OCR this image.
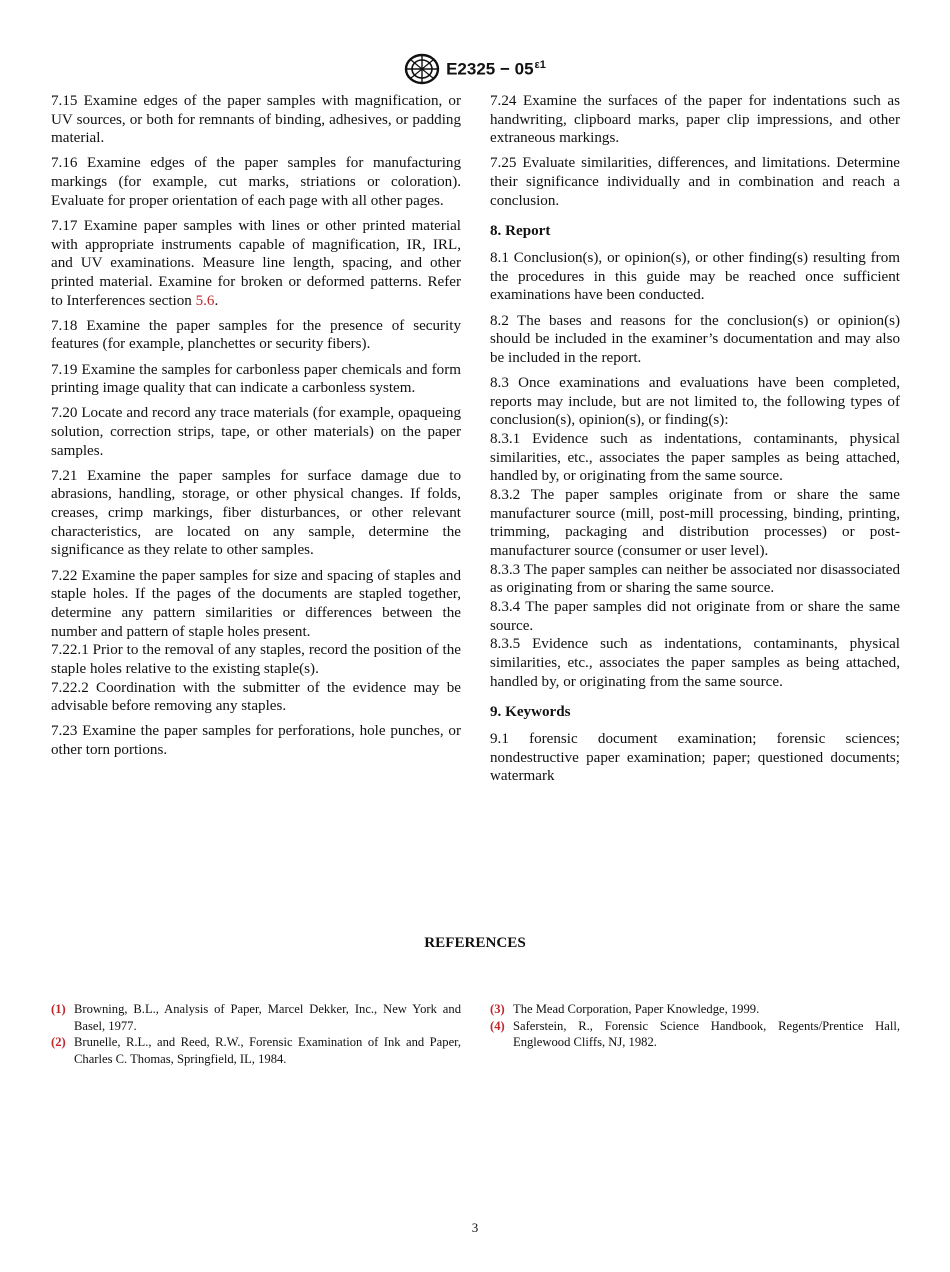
$E2325 - 05^{\varepsilon 1}$

7.15 Examine edges of the paper samples with magnification, or UV sources, or both for remnants of binding, adhesives, or padding material.

7.16 Examine edges of the paper samples for manufacturing markings (for example, cut marks, striations or coloration). Evaluate for proper orientation of each page with all other pages.

7.17 Examine paper samples with lines or other printed material with appropriate instruments capable of magnification, IR, IRL, and UV examinations. Measure line length, spacing, and other printed material. Examine for broken or deformed patterns. Refer to Interferences section 5.6.

7.18 Examine the paper samples for the presence of security features (for example, planchettes or security fibers).

7.19 Examine the samples for carbonless paper chemicals and form printing image quality that can indicate a carbonless system.

7.20 Locate and record any trace materials (for example, opaqueing solution, correction strips, tape, or other materials) on the paper samples.

7.21 Examine the paper samples for surface damage due to abrasions, handling, storage, or other physical changes. If folds, creases, crimp markings, fiber disturbances, or other relevant characteristics, are located on any sample, determine the significance as they relate to other samples.

7.22 Examine the paper samples for size and spacing of staples and staple holes. If the pages of the documents are stapled together, determine any pattern similarities or differences between the number and pattern of staple holes present.

7.22.1 Prior to the removal of any staples, record the position of the staple holes relative to the existing staple(s).

7.22.2 Coordination with the submitter of the evidence may be advisable before removing any staples.

7.23 Examine the paper samples for perforations, hole punches, or other torn portions.

7.24 Examine the surfaces of the paper for indentations such as handwriting, clipboard marks, paper clip impressions, and other extraneous markings.

7.25 Evaluate similarities, differences, and limitations. Determine their significance individually and in combination and reach a conclusion.

8. Report

8.1 Conclusion(s), or opinion(s), or other finding(s) resulting from the procedures in this guide may be reached once sufficient examinations have been conducted.

8.2 The bases and reasons for the conclusion(s) or opinion(s) should be included in the examiner’s documentation and may also be included in the report.

8.3 Once examinations and evaluations have been completed, reports may include, but are not limited to, the following types of conclusion(s), opinion(s), or finding(s):

8.3.1 Evidence such as indentations, contaminants, physical similarities, etc., associates the paper samples as being attached, handled by, or originating from the same source.

8.3.2 The paper samples originate from or share the same manufacturer source (mill, post-mill processing, binding, printing, trimming, packaging and distribution processes) or post-manufacturer source (consumer or user level).

8.3.3 The paper samples can neither be associated nor disassociated as originating from or sharing the same source.

8.3.4 The paper samples did not originate from or share the same source.

8.3.5 Evidence such as indentations, contaminants, physical similarities, etc., associates the paper samples as being attached, handled by, or originating from the same source.

9. Keywords

9.1 forensic document examination; forensic sciences; nondestructive paper examination; paper; questioned documents; watermark

REFERENCES
(1) Browning, B.L., Analysis of Paper, Marcel Dekker, Inc., New York and Basel, 1977.
(2) Brunelle, R.L., and Reed, R.W., Forensic Examination of Ink and Paper, Charles C. Thomas, Springfield, IL, 1984.
(3) The Mead Corporation, Paper Knowledge, 1999.
(4) Saferstein, R., Forensic Science Handbook, Regents/Prentice Hall, Englewood Cliffs, NJ, 1982.
3
